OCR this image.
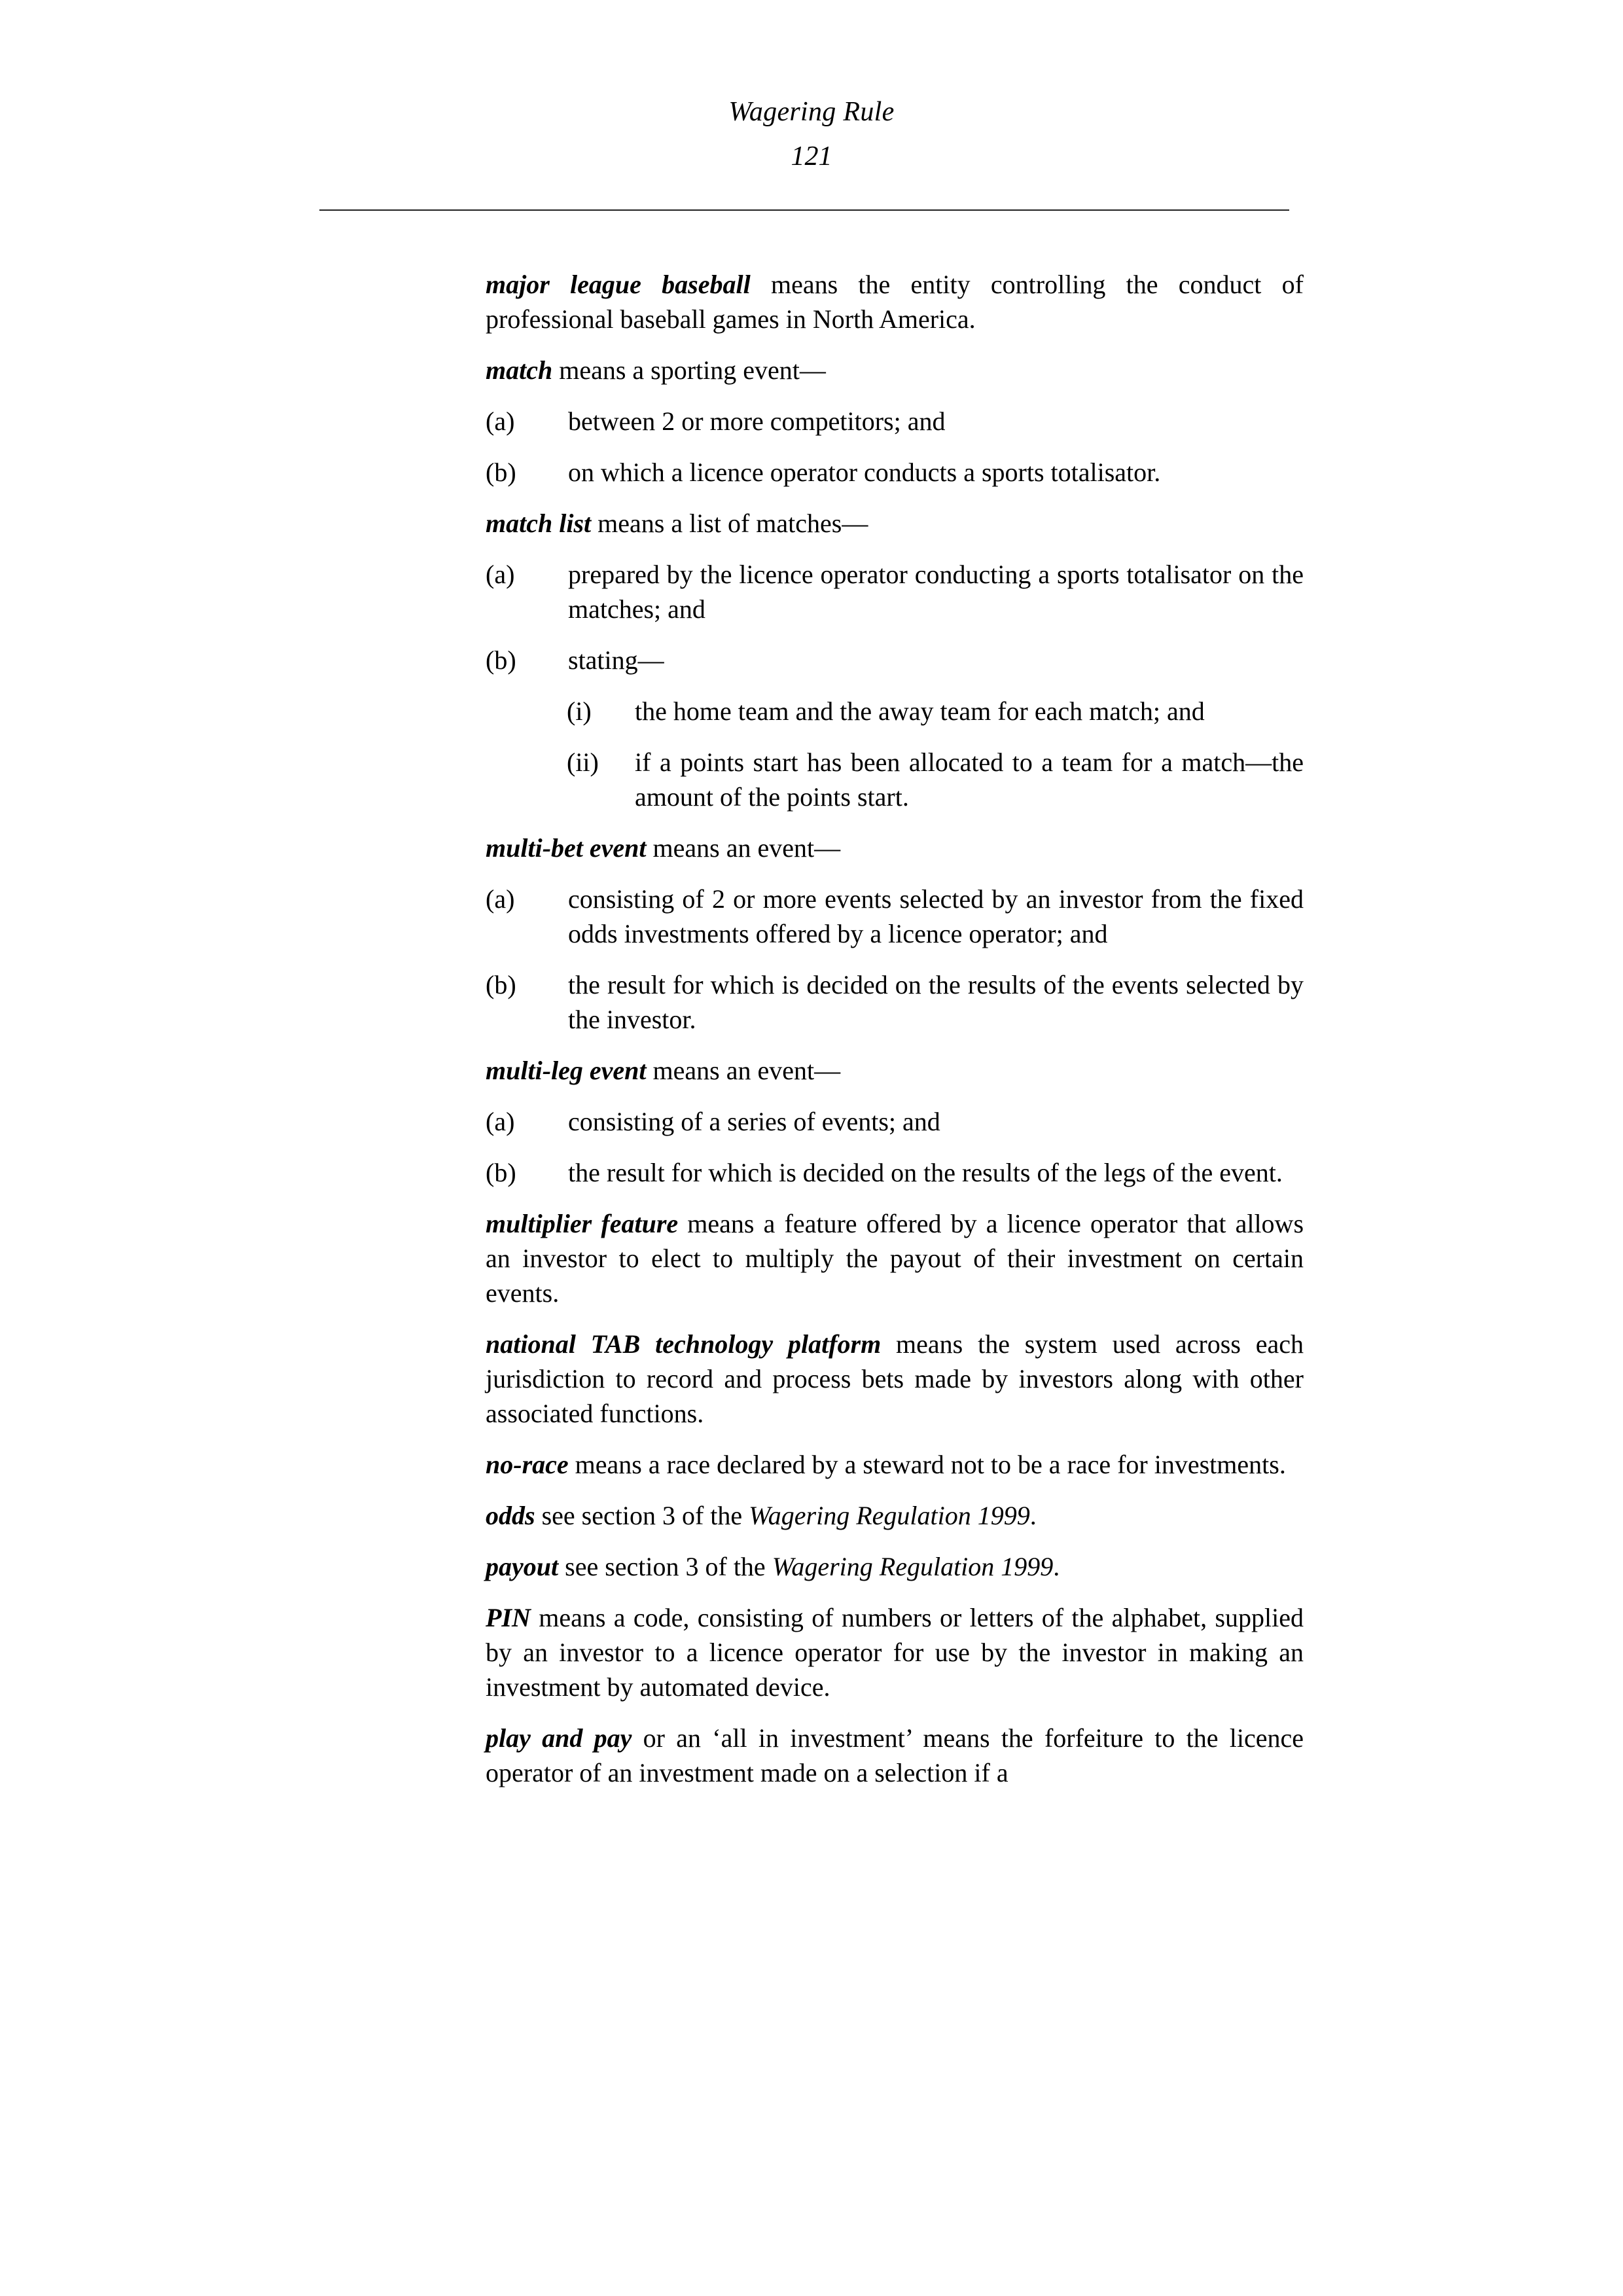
Wagering Rule
121

major league baseball means the entity controlling the conduct of professional baseball games in North America.

match means a sporting event—

(a)	between 2 or more competitors; and

(b)	on which a licence operator conducts a sports totalisator.

match list means a list of matches—

(a)	prepared by the licence operator conducting a sports totalisator on the matches; and

(b)	stating—

(i)	the home team and the away team for each match; and

(ii)	if a points start has been allocated to a team for a match—the amount of the points start.

multi-bet event means an event—

(a)	consisting of 2 or more events selected by an investor from the fixed odds investments offered by a licence operator; and

(b)	the result for which is decided on the results of the events selected by the investor.

multi-leg event means an event—

(a)	consisting of a series of events; and

(b)	the result for which is decided on the results of the legs of the event.

multiplier feature means a feature offered by a licence operator that allows an investor to elect to multiply the payout of their investment on certain events.

national TAB technology platform means the system used across each jurisdiction to record and process bets made by investors along with other associated functions.

no-race means a race declared by a steward not to be a race for investments.

odds see section 3 of the Wagering Regulation 1999.

payout see section 3 of the Wagering Regulation 1999.

PIN means a code, consisting of numbers or letters of the alphabet, supplied by an investor to a licence operator for use by the investor in making an investment by automated device.

play and pay or an ‘all in investment’ means the forfeiture to the licence operator of an investment made on a selection if a
